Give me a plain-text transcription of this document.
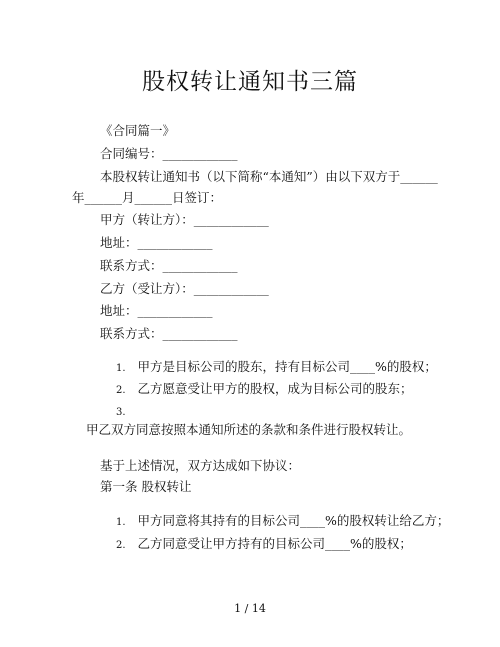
股权转让通知书三篇
《合同篇一》
合同编号：____________
本股权转让通知书（以下简称“本通知”）由以下双方于______
年______月______日签订：
甲方（转让方）：____________
地址：____________
联系方式：____________
乙方（受让方）：____________
地址：____________
联系方式：____________
1. 甲方是目标公司的股东，持有目标公司____%的股权；
2. 乙方愿意受让甲方的股权，成为目标公司的股东；
3.
甲乙双方同意按照本通知所述的条款和条件进行股权转让。
基于上述情况，双方达成如下协议：
第一条 股权转让
1. 甲方同意将其持有的目标公司____%的股权转让给乙方；
2. 乙方同意受让甲方持有的目标公司____%的股权；
1 / 14
